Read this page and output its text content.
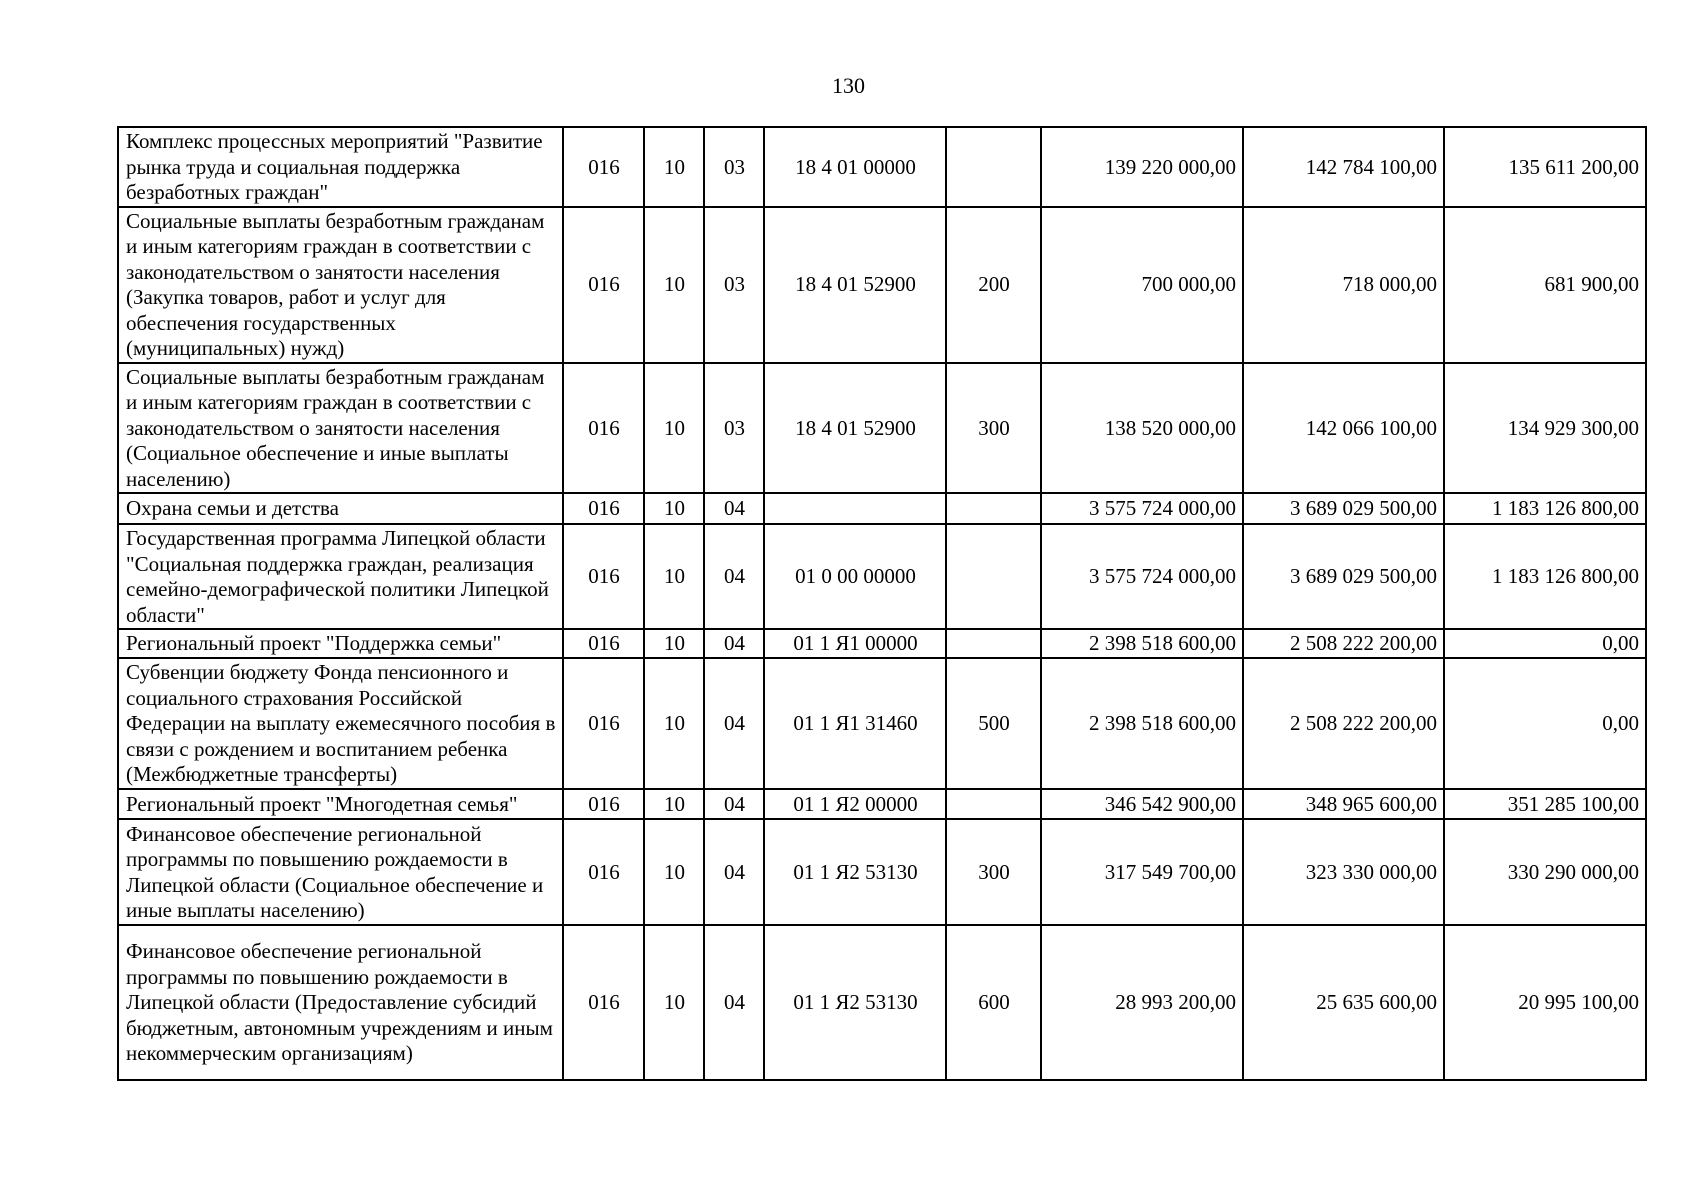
130
Комплекс процессных мероприятий "Развитие рынка труда и социальная поддержка безработных граждан"	016	10	03	18 4 01 00000		139 220 000,00	142 784 100,00	135 611 200,00
Социальные выплаты безработным гражданам и иным категориям граждан в соответствии с законодательством о занятости населения (Закупка товаров, работ и услуг для обеспечения государственных (муниципальных) нужд)	016	10	03	18 4 01 52900	200	700 000,00	718 000,00	681 900,00
Социальные выплаты безработным гражданам и иным категориям граждан в соответствии с законодательством о занятости населения (Социальное обеспечение и иные выплаты населению)	016	10	03	18 4 01 52900	300	138 520 000,00	142 066 100,00	134 929 300,00
Охрана семьи и детства	016	10	04			3 575 724 000,00	3 689 029 500,00	1 183 126 800,00
Государственная программа Липецкой области "Социальная поддержка граждан, реализация семейно-демографической политики Липецкой области"	016	10	04	01 0 00 00000		3 575 724 000,00	3 689 029 500,00	1 183 126 800,00
Региональный проект "Поддержка семьи"	016	10	04	01 1 Я1 00000		2 398 518 600,00	2 508 222 200,00	0,00
Субвенции бюджету Фонда пенсионного и социального страхования Российской Федерации на выплату ежемесячного пособия в связи с рождением и воспитанием ребенка (Межбюджетные трансферты)	016	10	04	01 1 Я1 31460	500	2 398 518 600,00	2 508 222 200,00	0,00
Региональный проект "Многодетная семья"	016	10	04	01 1 Я2 00000		346 542 900,00	348 965 600,00	351 285 100,00
Финансовое обеспечение региональной программы по повышению рождаемости в Липецкой области (Социальное обеспечение и иные выплаты населению)	016	10	04	01 1 Я2 53130	300	317 549 700,00	323 330 000,00	330 290 000,00
Финансовое обеспечение региональной программы по повышению рождаемости в Липецкой области (Предоставление субсидий бюджетным, автономным учреждениям и иным некоммерческим организациям)	016	10	04	01 1 Я2 53130	600	28 993 200,00	25 635 600,00	20 995 100,00
